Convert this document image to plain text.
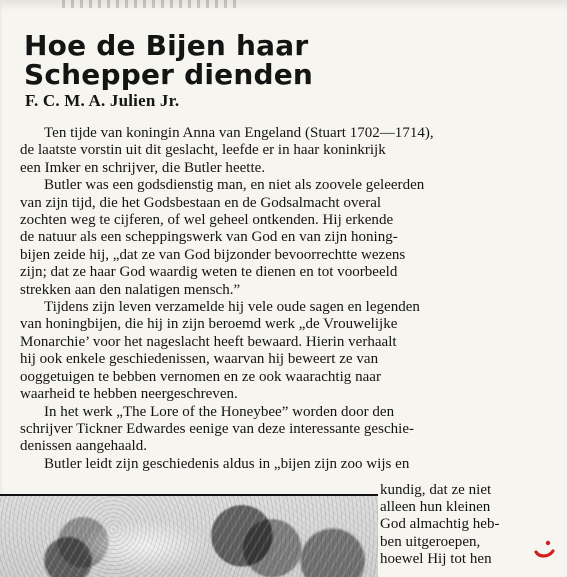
Hoe de Bijen haar
Schepper dienden
F. C. M. A. Julien Jr.
Ten tijde van koningin Anna van Engeland (Stuart 1702—1714),
de laatste vorstin uit dit geslacht, leefde er in haar koninkrijk
een Imker en schrijver, die Butler heette.
Butler was een godsdienstig man, en niet als zoovele geleerden
van zijn tijd, die het Godsbestaan en de Godsalmacht overal
zochten weg te cijferen, of wel geheel ontkenden. Hij erkende
de natuur als een scheppingswerk van God en van zijn honing-
bijen zeide hij, „dat ze van God bijzonder bevoorrechtte wezens
zijn; dat ze haar God waardig weten te dienen en tot voorbeeld
strekken aan den nalatigen mensch.”
Tijdens zijn leven verzamelde hij vele oude sagen en legenden
van honingbijen, die hij in zijn beroemd werk „de Vrouwelijke
Monarchie’ voor het nageslacht heeft bewaard. Hierin verhaalt
hij ook enkele geschiedenissen, waarvan hij beweert ze van
ooggetuigen te bebben vernomen en ze ook waarachtig naar
waarheid te hebben neergeschreven.
In het werk „The Lore of the Honeybee” worden door den
schrijver Tickner Edwardes eenige van deze interessante geschie-
denissen aangehaald.
Butler leidt zijn geschiedenis aldus in „bijen zijn zoo wijs en
kundig, dat ze niet
alleen hun kleinen
God almachtig heb-
ben uitgeroepen,
hoewel Hij tot hen
